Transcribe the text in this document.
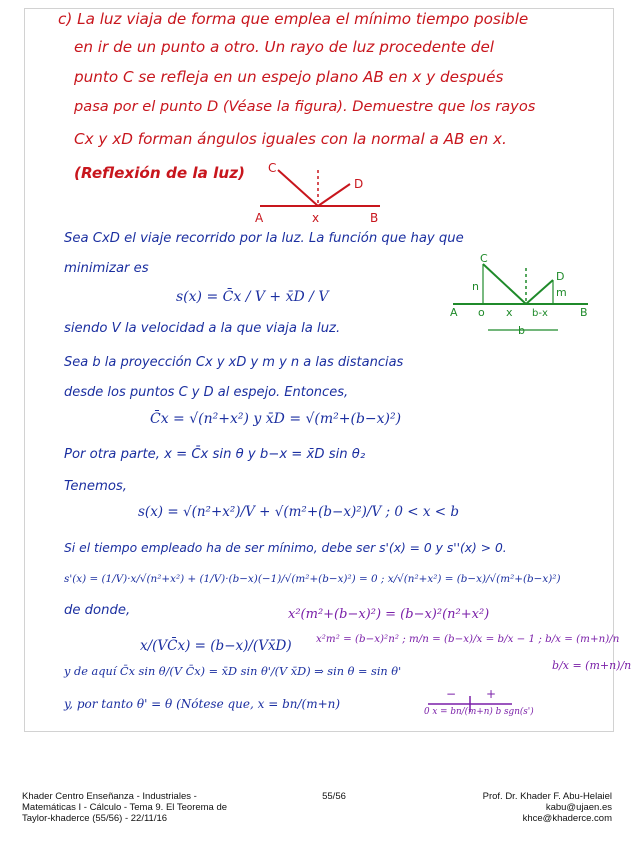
c) La luz viaja de forma que emplea el mínimo tiempo posible
en ir de un punto a otro. Un rayo de luz procedente del
punto C se refleja en un espejo plano AB en x y después
pasa por el punto D (Véase la figura). Demuestre que los rayos
Cx y xD forman ángulos iguales con la normal a AB en x.
(Reflexión de la luz) C
D
A	B
x
Sea CxD el viaje recorrido por la luz. La función que hay que
minimizar es
s(x) = C̄x / V + x̄D / V
C
D
A	B
n	m
o x b-x
b
siendo V la velocidad a la que viaja la luz.
Sea b la proyección Cx y xD y m y n a las distancias
desde los puntos C y D al espejo. Entonces,
C̄x = √(n²+x²) y x̄D = √(m²+(b−x)²)
Por otra parte, x = C̄x sin θ y b−x = x̄D sin θ₂
Tenemos,
s(x) = √(n²+x²)/V + √(m²+(b−x)²)/V ; 0 < x < b
Si el tiempo empleado ha de ser mínimo, debe ser s'(x) = 0 y s''(x) > 0.
s'(x) = (1/V)·x/√(n²+x²) + (1/V)·(b−x)(−1)/√(m²+(b−x)²) = 0 ; x/√(n²+x²) = (b−x)/√(m²+(b−x)²)
de donde,	x²(m²+(b−x)²) = (b−x)²(n²+x²)
x/(VC̄x) = (b−x)/(Vx̄D) x²m² = (b−x)²n² ; m/n = (b−x)/x = b/x − 1 ; b/x = (m+n)/n
y de aquí C̄x sin θ/(V C̄x) = x̄D sin θ'/(V x̄D) ⇒ sin θ = sin θ'	b/x = (m+n)/n
y, por tanto θ' = θ (Nótese que, x = bn/(m+n)
0 x = bn/(m+n) b sgn(s')
− +
Khader Centro Enseñanza - Industriales -
Matemáticas I - Cálculo - Tema 9. El Teorema de
Taylor-khaderce (55/56) - 22/11/16
55/56	Prof. Dr. Khader F. Abu-Helaiel
kabu@ujaen.es
khce@khaderce.com
